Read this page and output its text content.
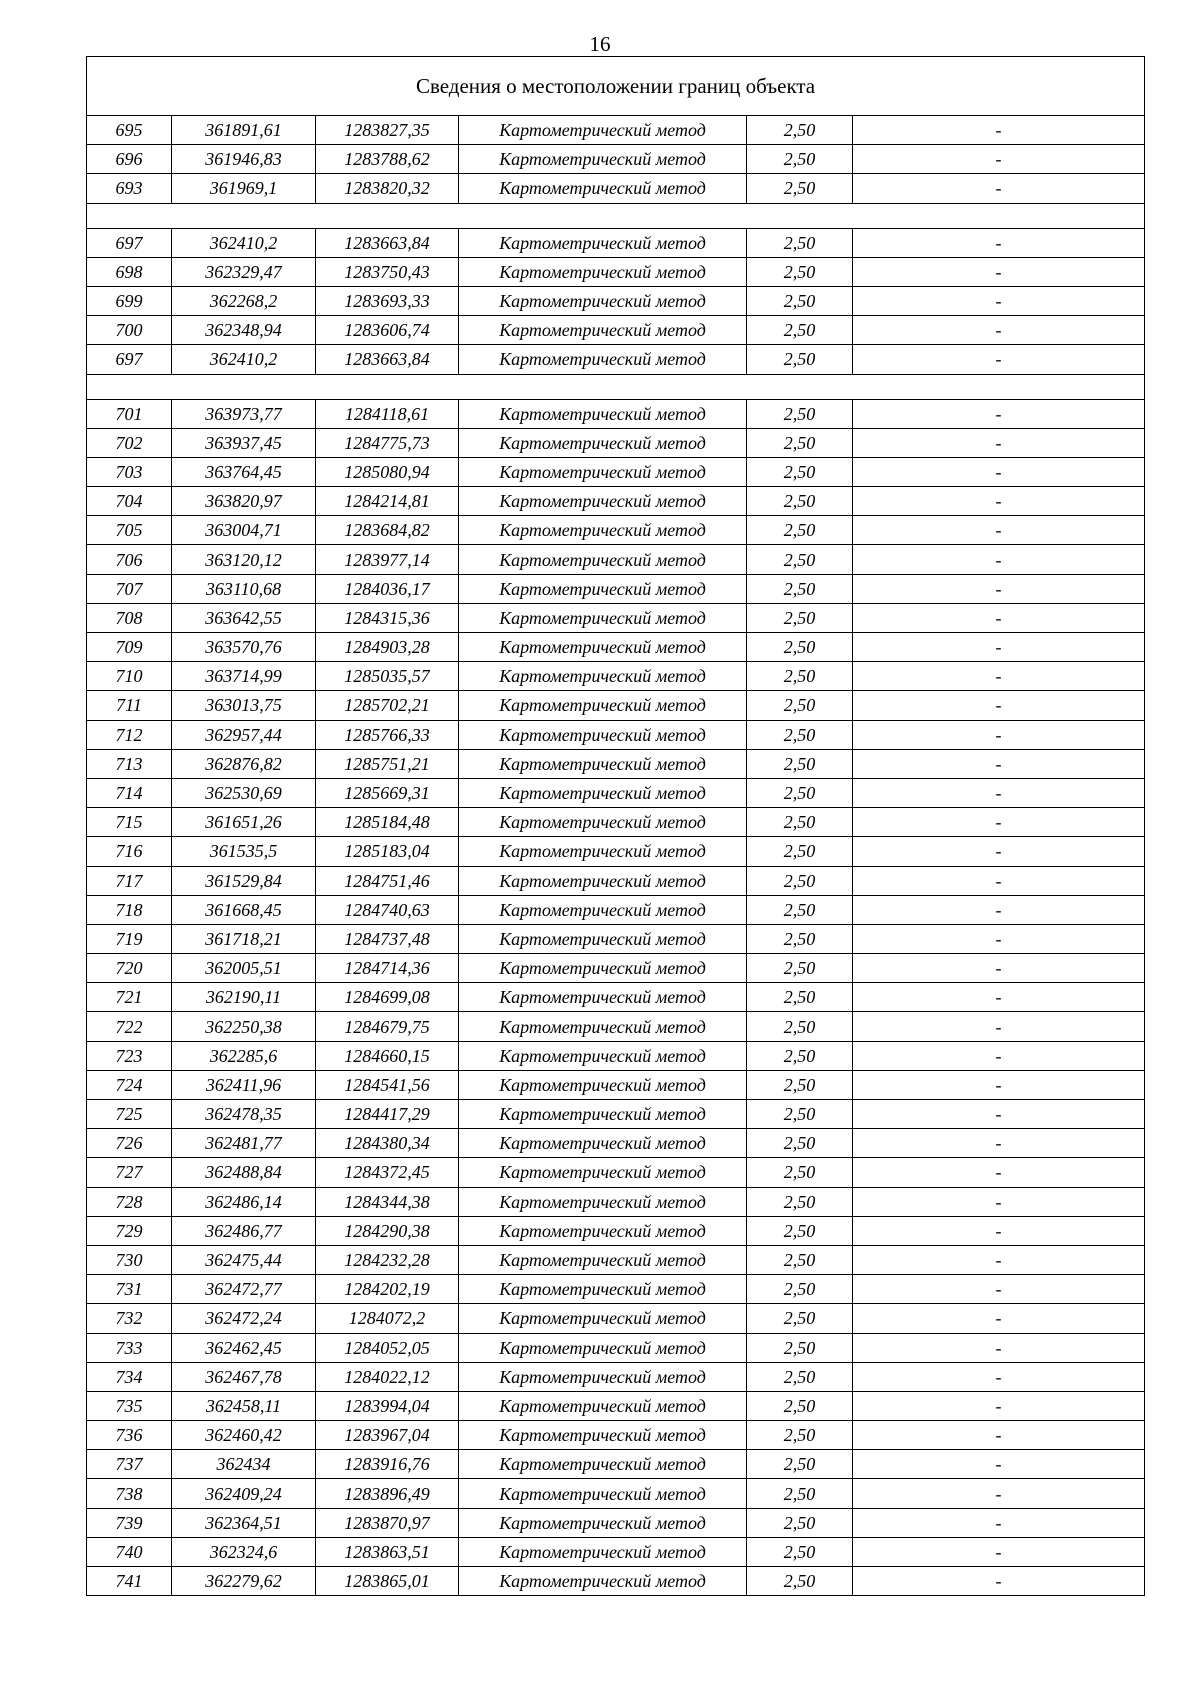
16
Сведения о местоположении границ объекта					
695	361891,61	1283827,35	Картометрический метод	2,50	-
696	361946,83	1283788,62	Картометрический метод	2,50	-
693	361969,1	1283820,32	Картометрический метод	2,50	-

697	362410,2	1283663,84	Картометрический метод	2,50	-
698	362329,47	1283750,43	Картометрический метод	2,50	-
699	362268,2	1283693,33	Картометрический метод	2,50	-
700	362348,94	1283606,74	Картометрический метод	2,50	-
697	362410,2	1283663,84	Картометрический метод	2,50	-

701	363973,77	1284118,61	Картометрический метод	2,50	-
702	363937,45	1284775,73	Картометрический метод	2,50	-
703	363764,45	1285080,94	Картометрический метод	2,50	-
704	363820,97	1284214,81	Картометрический метод	2,50	-
705	363004,71	1283684,82	Картометрический метод	2,50	-
706	363120,12	1283977,14	Картометрический метод	2,50	-
707	363110,68	1284036,17	Картометрический метод	2,50	-
708	363642,55	1284315,36	Картометрический метод	2,50	-
709	363570,76	1284903,28	Картометрический метод	2,50	-
710	363714,99	1285035,57	Картометрический метод	2,50	-
711	363013,75	1285702,21	Картометрический метод	2,50	-
712	362957,44	1285766,33	Картометрический метод	2,50	-
713	362876,82	1285751,21	Картометрический метод	2,50	-
714	362530,69	1285669,31	Картометрический метод	2,50	-
715	361651,26	1285184,48	Картометрический метод	2,50	-
716	361535,5	1285183,04	Картометрический метод	2,50	-
717	361529,84	1284751,46	Картометрический метод	2,50	-
718	361668,45	1284740,63	Картометрический метод	2,50	-
719	361718,21	1284737,48	Картометрический метод	2,50	-
720	362005,51	1284714,36	Картометрический метод	2,50	-
721	362190,11	1284699,08	Картометрический метод	2,50	-
722	362250,38	1284679,75	Картометрический метод	2,50	-
723	362285,6	1284660,15	Картометрический метод	2,50	-
724	362411,96	1284541,56	Картометрический метод	2,50	-
725	362478,35	1284417,29	Картометрический метод	2,50	-
726	362481,77	1284380,34	Картометрический метод	2,50	-
727	362488,84	1284372,45	Картометрический метод	2,50	-
728	362486,14	1284344,38	Картометрический метод	2,50	-
729	362486,77	1284290,38	Картометрический метод	2,50	-
730	362475,44	1284232,28	Картометрический метод	2,50	-
731	362472,77	1284202,19	Картометрический метод	2,50	-
732	362472,24	1284072,2	Картометрический метод	2,50	-
733	362462,45	1284052,05	Картометрический метод	2,50	-
734	362467,78	1284022,12	Картометрический метод	2,50	-
735	362458,11	1283994,04	Картометрический метод	2,50	-
736	362460,42	1283967,04	Картометрический метод	2,50	-
737	362434	1283916,76	Картометрический метод	2,50	-
738	362409,24	1283896,49	Картометрический метод	2,50	-
739	362364,51	1283870,97	Картометрический метод	2,50	-
740	362324,6	1283863,51	Картометрический метод	2,50	-
741	362279,62	1283865,01	Картометрический метод	2,50	-
